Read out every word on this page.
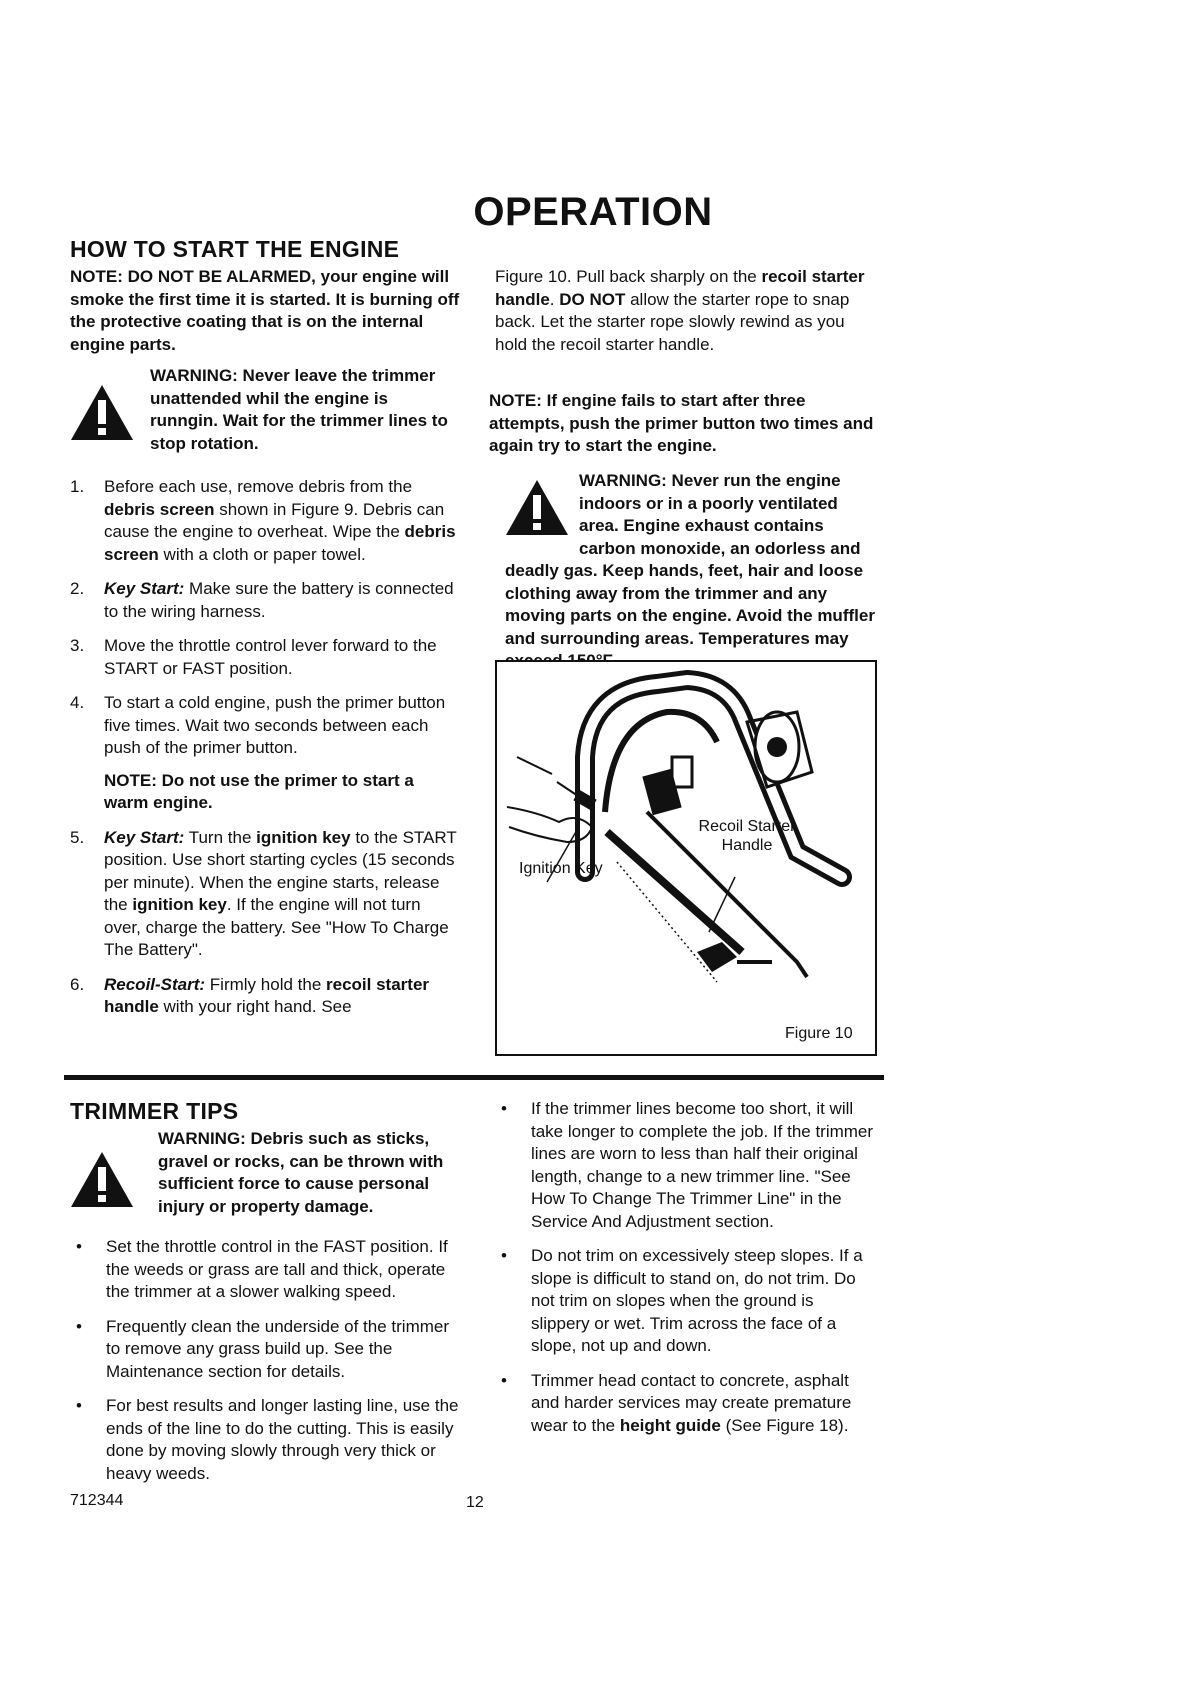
OPERATION
HOW TO START THE ENGINE
NOTE: DO NOT BE ALARMED, your engine will smoke the first time it is started. It is burning off the protective coating that is on the internal engine parts.
WARNING: Never leave the trimmer unattended whil the engine is runngin. Wait for the trimmer lines to stop rotation.
1.	Before each use, remove debris from the debris screen shown in Figure 9. Debris can cause the engine to overheat. Wipe the debris screen with a cloth or paper towel.
2.	Key Start: Make sure the battery is connected to the wiring harness.
3.	Move the throttle control lever forward to the START or FAST position.
4.	To start a cold engine, push the primer button five times. Wait two seconds between each push of the primer button.
NOTE: Do not use the primer to start a warm engine.
5.	Key Start: Turn the ignition key to the START position. Use short starting cycles (15 seconds per minute). When the engine starts, release the ignition key. If the engine will not turn over, charge the battery. See "How To Charge The Battery".
6.	Recoil-Start: Firmly hold the recoil starter handle with your right hand. See
Figure 10. Pull back sharply on the recoil starter handle. DO NOT allow the starter rope to snap back. Let the starter rope slowly rewind as you hold the recoil starter handle.
NOTE: If engine fails to start after three attempts, push the primer button two times and again try to start the engine.
WARNING: Never run the engine indoors or in a poorly ventilated area. Engine exhaust contains carbon monoxide, an odorless and deadly gas. Keep hands, feet, hair and loose clothing away from the trimmer and any moving parts on the engine. Avoid the muffler and surrounding areas. Temperatures may
Recoil Starter
Handle
Ignition Key
Figure 10
TRIMMER TIPS
WARNING: Debris such as sticks, gravel or rocks, can be thrown with sufficient force to cause personal injury or property damage.
• Set the throttle control in the FAST position. If the weeds or grass are tall and thick, operate the trimmer at a slower walking speed.
• Frequently clean the underside of the trimmer to remove any grass build up. See the Maintenance section for details.
• For best results and longer lasting line, use the ends of the line to do the cutting. This is easily done by moving slowly through very thick or heavy weeds.
• If the trimmer lines become too short, it will take longer to complete the job. If the trimmer lines are worn to less than half their original length, change to a new trimmer line. "See How To Change The Trimmer Line" in the Service And Adjustment section.
• Do not trim on excessively steep slopes. If a slope is difficult to stand on, do not trim. Do not trim on slopes when the ground is slippery or wet. Trim across the face of a slope, not up and down.
• Trimmer head contact to concrete, asphalt and harder services may create premature wear to the height guide (See Figure 18).
712344	12
